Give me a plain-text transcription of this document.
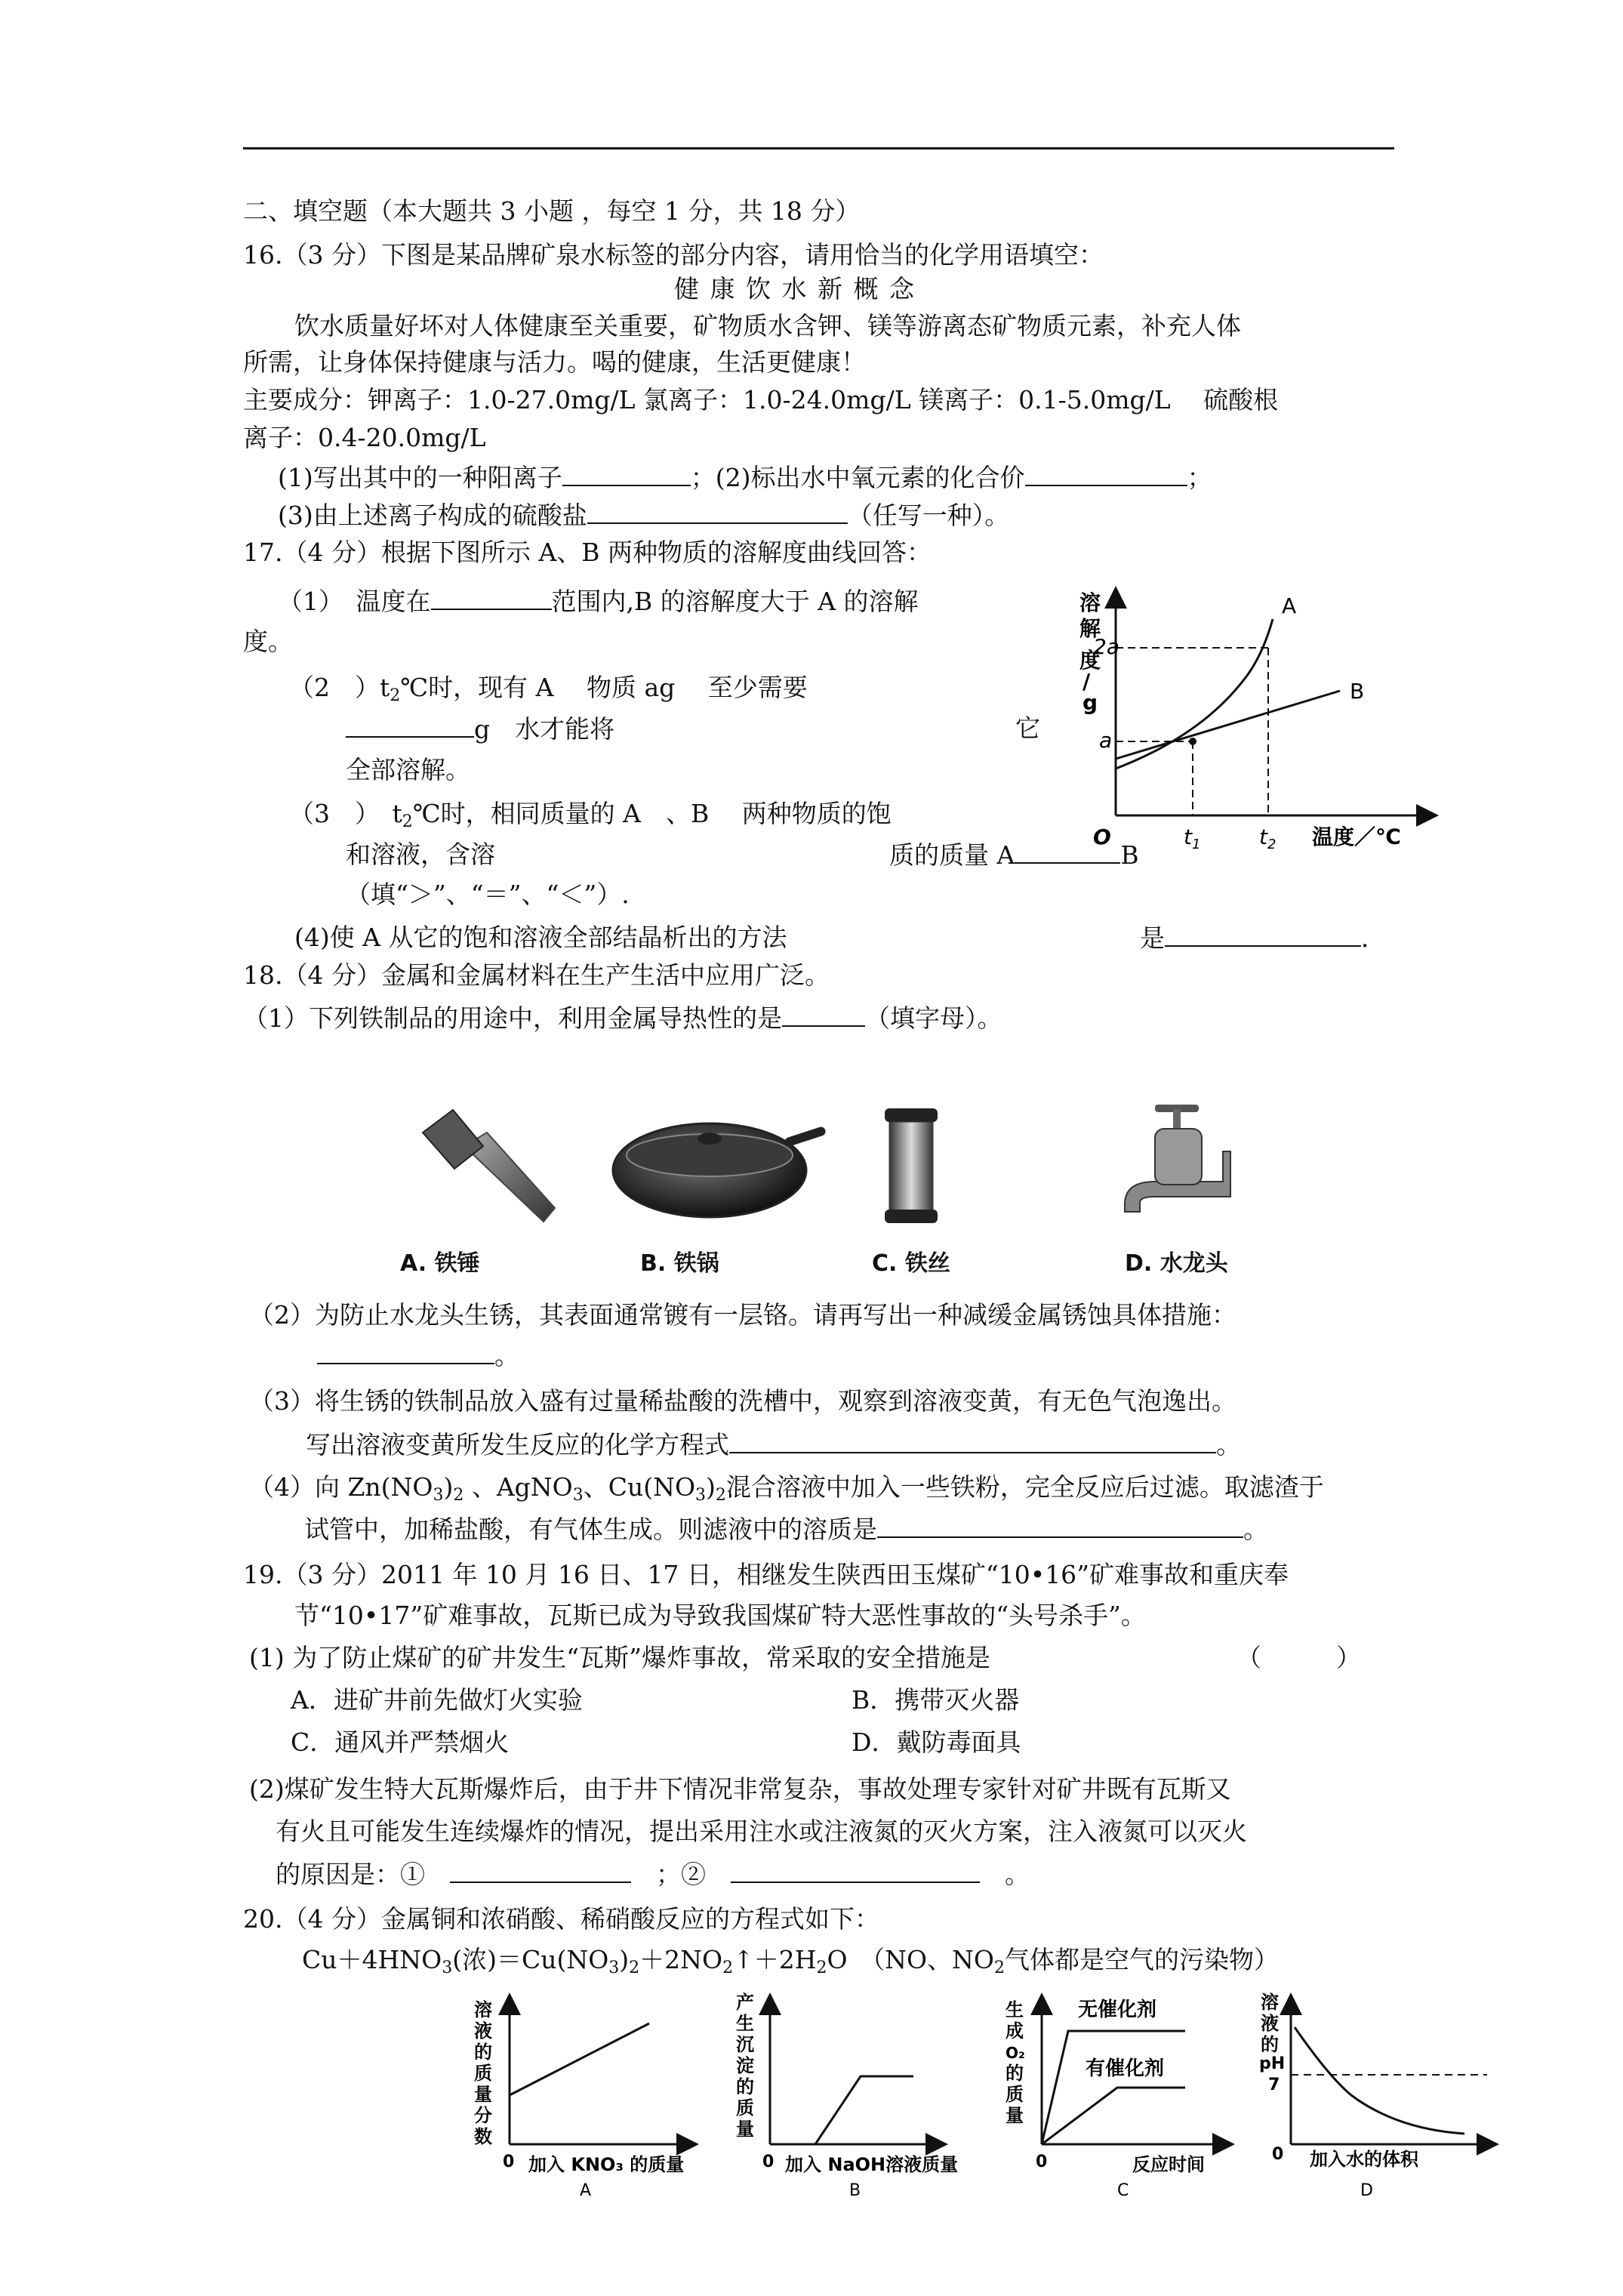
二、填空题（本大题共 3 小题 ，每空 1 分，共 18 分）
16.（3 分）下图是某品牌矿泉水标签的部分内容，请用恰当的化学用语填空：
健 康 饮 水 新 概 念
饮水质量好坏对人体健康至关重要，矿物质水含钾、镁等游离态矿物质元素，补充人体
所需，让身体保持健康与活力。喝的健康，生活更健康！
主要成分：钾离子：1.0-27.0mg/L 氯离子：1.0-24.0mg/L 镁离子：0.1-5.0mg/L　 硫酸根
离子：0.4-20.0mg/L
(1)写出其中的一种阳离子	；(2)标出水中氧元素的化合价	；
(3)由上述离子构成的硫酸盐	（任写一种）。
17.（4 分）根据下图所示 A、B 两种物质的溶解度曲线回答：
（1）　温度在	范围内,B 的溶解度大于 A 的溶解
度。
（2　）$t_2℃$时，现有 A　 物质 ag　 至少需要
g　水才能将	它
全部溶解。
（3　）　$t_2℃$时，相同质量的 A　、B　 两种物质的饱
和溶液，含溶	质的质量 A	B
（填“＞”、“＝”、“＜”）.
(4)使 A 从它的饱和溶液全部结晶析出的方法	是	．
溶
解
度
/
g
2a
a
O	$t_1$	$t_2$ 温度／℃
A
B
18.（4 分）金属和金属材料在生产生活中应用广泛。
（1）下列铁制品的用途中，利用金属导热性的是	（填字母）。
A. 铁锤	B. 铁锅	C. 铁丝	D. 水龙头
（2）为防止水龙头生锈，其表面通常镀有一层铬。请再写出一种减缓金属锈蚀具体措施：
。
（3）将生锈的铁制品放入盛有过量稀盐酸的洗槽中，观察到溶液变黄，有无色气泡逸出。
写出溶液变黄所发生反应的化学方程式	。
（4）向 $Zn(NO_3)_2$ 、AgNO$_3$、$Cu(NO_3)_2$混合溶液中加入一些铁粉，完全反应后过滤。取滤渣于
试管中，加稀盐酸，有气体生成。则滤液中的溶质是	。
19.（3 分）2011 年 10 月 16 日、17 日，相继发生陕西田玉煤矿“10•16”矿难事故和重庆奉
节“10•17”矿难事故，瓦斯已成为导致我国煤矿特大恶性事故的“头号杀手”。
(1) 为了防止煤矿的矿井发生“瓦斯”爆炸事故，常采取的安全措施是	（　　　）
A．进矿井前先做灯火实验	B．携带灭火器
C．通风并严禁烟火	D．戴防毒面具
(2)煤矿发生特大瓦斯爆炸后，由于井下情况非常复杂，事故处理专家针对矿井既有瓦斯又
有火且可能发生连续爆炸的情况，提出采用注水或注液氮的灭火方案，注入液氮可以灭火
的原因是：①　　	；②　　	。
20.（4 分）金属铜和浓硝酸、稀硝酸反应的方程式如下：
$Cu+4HNO_3$(浓)$=Cu(NO_3)_2+2NO_2↑+2H_2O$　（NO、$NO_2$气体都是空气的污染物）
溶
液
的
质
量
分
数
0 加入 KNO₃ 的质量
A
产
生
沉
淀
的
质
量
0 加入 NaOH溶液质量
B
生
成
O₂
的
质
量
无催化剂
有催化剂
0	反应时间
C
溶
液
的
pH
7
0 加入水的体积
D
